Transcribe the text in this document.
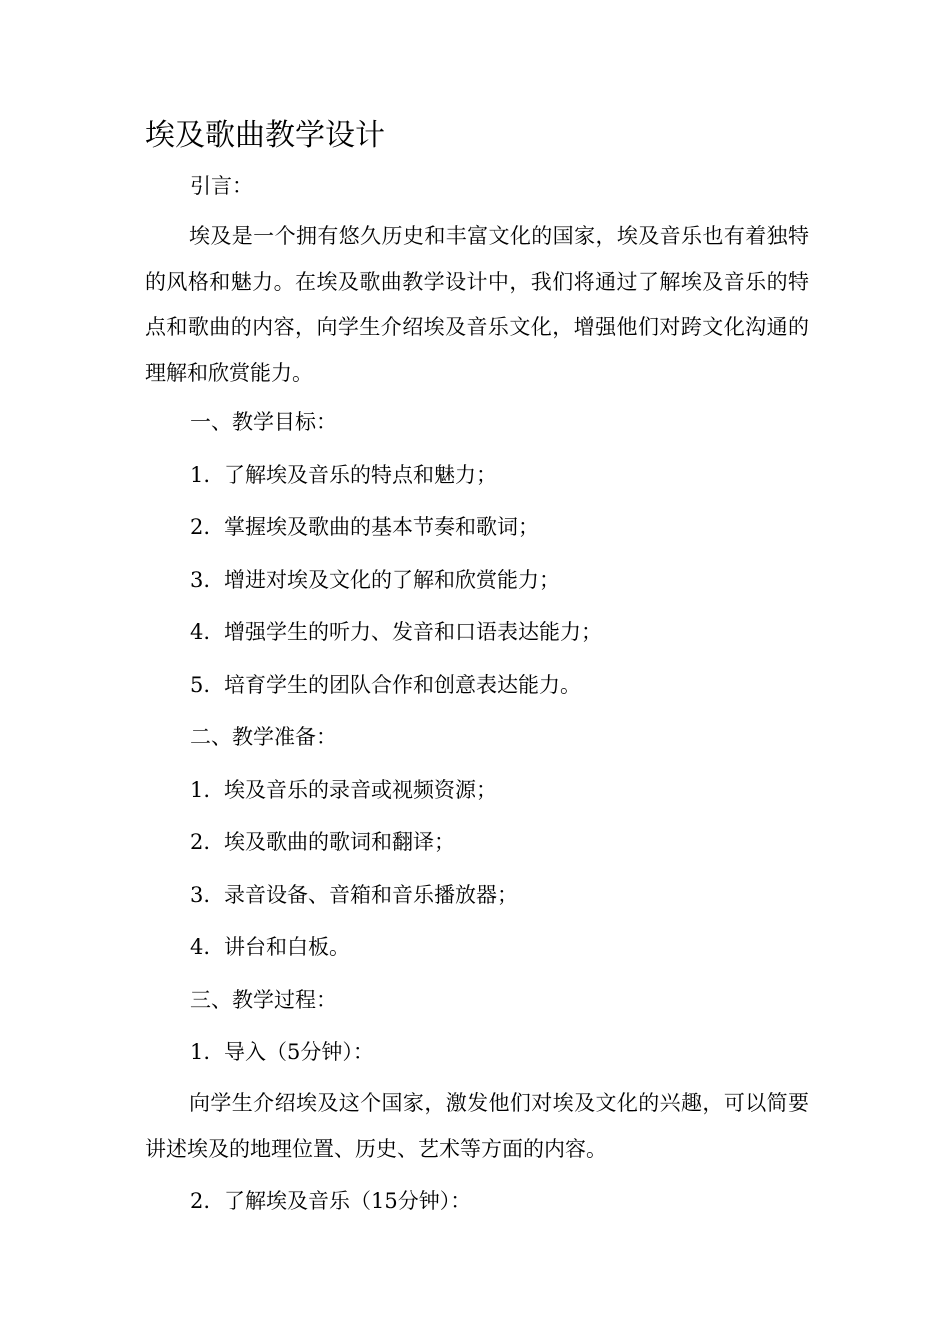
埃及歌曲教学设计
引言：
埃及是一个拥有悠久历史和丰富文化的国家，埃及音乐也有着独特的风格和魅力。在埃及歌曲教学设计中，我们将通过了解埃及音乐的特点和歌曲的内容，向学生介绍埃及音乐文化，增强他们对跨文化沟通的理解和欣赏能力。
一、教学目标：
1. 了解埃及音乐的特点和魅力；
2. 掌握埃及歌曲的基本节奏和歌词；
3. 增进对埃及文化的了解和欣赏能力；
4. 增强学生的听力、发音和口语表达能力；
5. 培育学生的团队合作和创意表达能力。
二、教学准备：
1. 埃及音乐的录音或视频资源；
2. 埃及歌曲的歌词和翻译；
3. 录音设备、音箱和音乐播放器；
4. 讲台和白板。
三、教学过程：
1. 导入（5分钟）：
向学生介绍埃及这个国家，激发他们对埃及文化的兴趣，可以简要讲述埃及的地理位置、历史、艺术等方面的内容。
2. 了解埃及音乐（15分钟）：
